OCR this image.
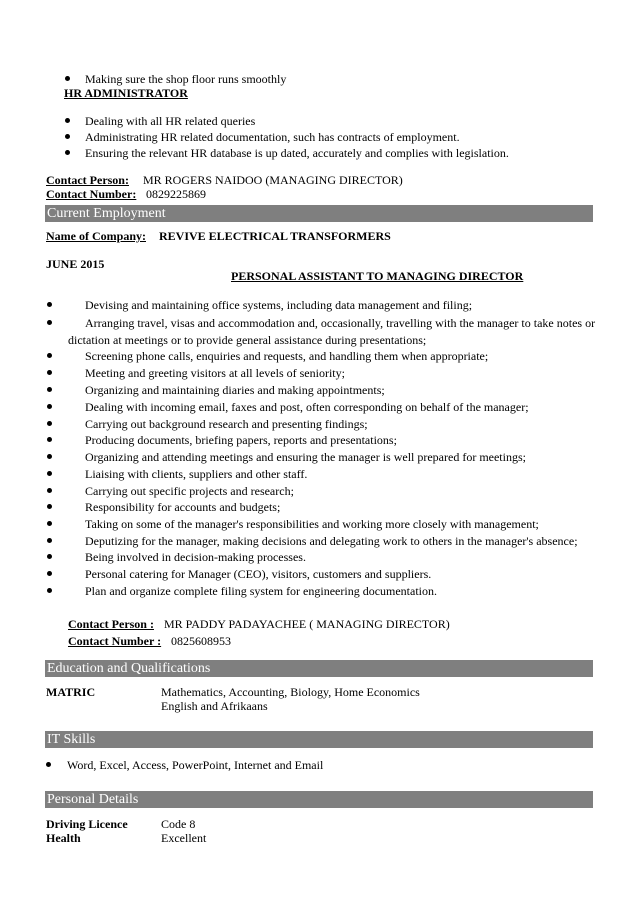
Making sure the shop floor runs smoothly
HR ADMINISTRATOR
Dealing with all HR related queries
Administrating HR related documentation, such has contracts of employment.
Ensuring the relevant HR database is up dated, accurately and complies with legislation.
Contact Person: MR ROGERS NAIDOO (MANAGING DIRECTOR)
Contact Number: 0829225869
Current Employment
Name of Company: REVIVE ELECTRICAL TRANSFORMERS
JUNE 2015
PERSONAL ASSISTANT TO MANAGING DIRECTOR
Devising and maintaining office systems, including data management and filing;
Arranging travel, visas and accommodation and, occasionally, travelling with the manager to take notes or
Screening phone calls, enquiries and requests, and handling them when appropriate;
Meeting and greeting visitors at all levels of seniority;
Organizing and maintaining diaries and making appointments;
Dealing with incoming email, faxes and post, often corresponding on behalf of the manager;
Carrying out background research and presenting findings;
Producing documents, briefing papers, reports and presentations;
Organizing and attending meetings and ensuring the manager is well prepared for meetings;
Liaising with clients, suppliers and other staff.
Carrying out specific projects and research;
Responsibility for accounts and budgets;
Taking on some of the manager's responsibilities and working more closely with management;
Deputizing for the manager, making decisions and delegating work to others in the manager's absence;
Being involved in decision-making processes.
Personal catering for Manager (CEO), visitors, customers and suppliers.
Plan and organize complete filing system for engineering documentation.
dictation at meetings or to provide general assistance during presentations;
Contact Person : MR PADDY PADAYACHEE ( MANAGING DIRECTOR)
Contact Number : 0825608953
Education and Qualifications
MATRIC	Mathematics, Accounting, Biology, Home Economics
English and Afrikaans
IT Skills
Word, Excel, Access, PowerPoint, Internet and Email
Personal Details
Driving Licence	Code 8
Health	Excellent
